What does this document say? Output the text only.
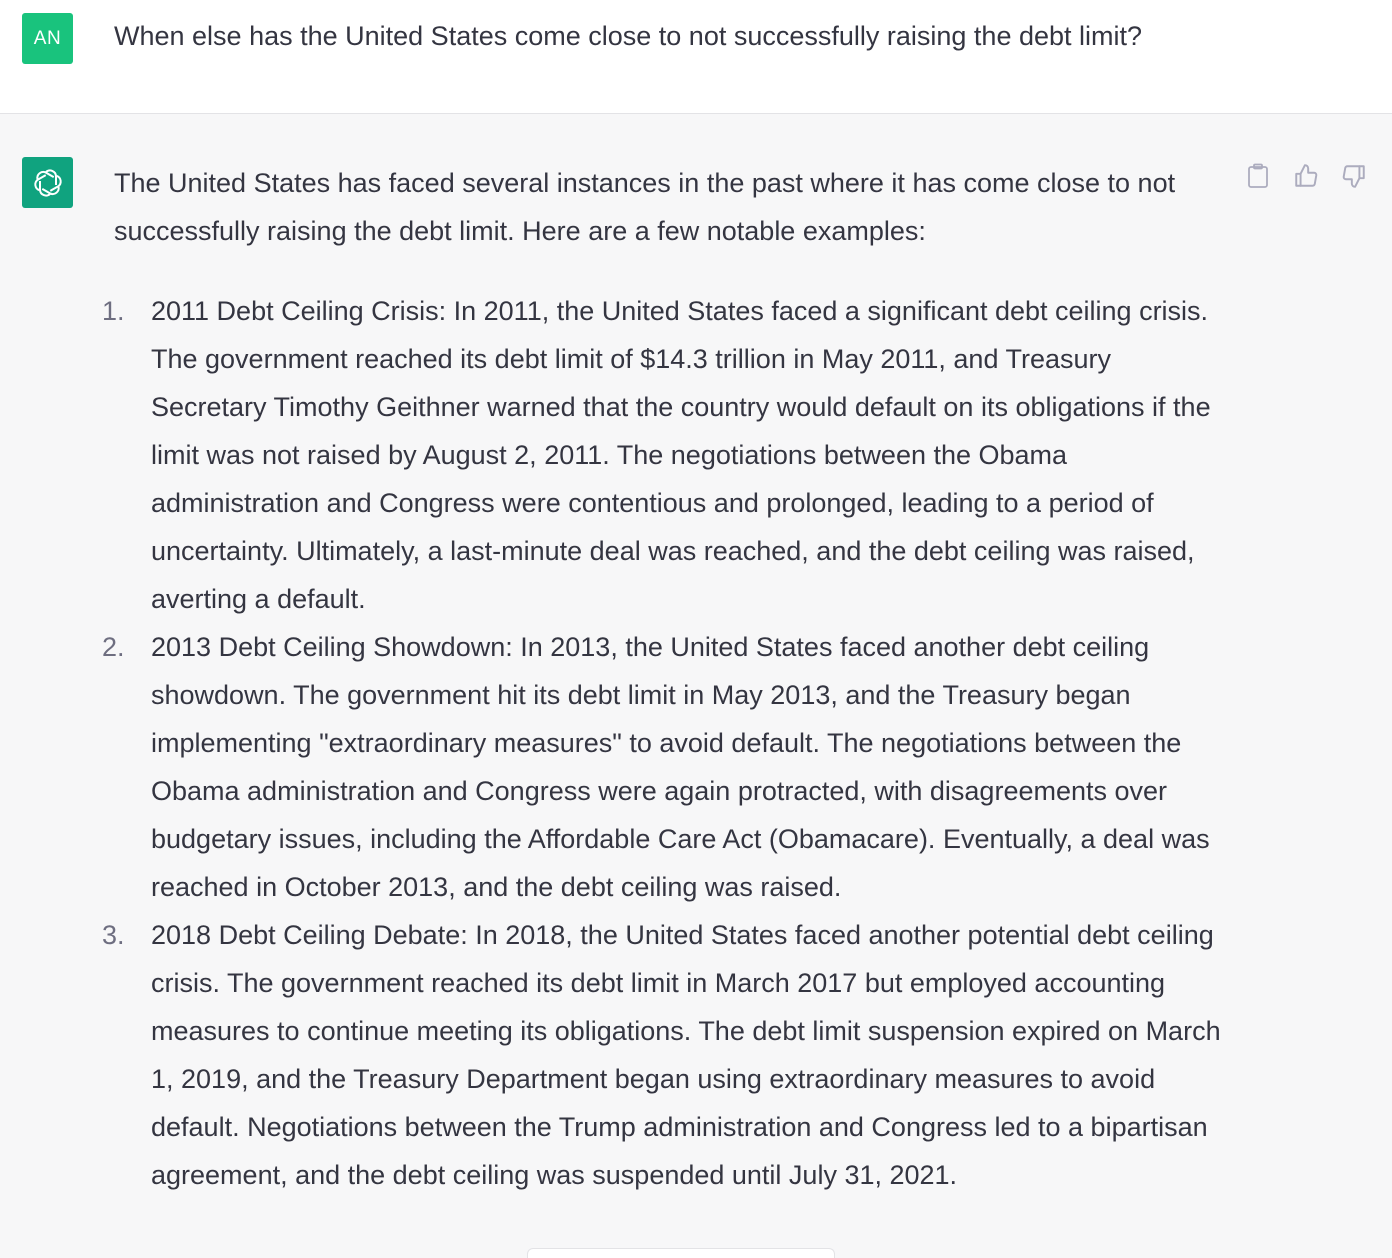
AN When else has the United States come close to not successfully raising the debt limit?

The United States has faced several instances in the past where it has come close to not successfully raising the debt limit. Here are a few notable examples:

1. 2011 Debt Ceiling Crisis: In 2011, the United States faced a significant debt ceiling crisis. The government reached its debt limit of $14.3 trillion in May 2011, and Treasury Secretary Timothy Geithner warned that the country would default on its obligations if the limit was not raised by August 2, 2011. The negotiations between the Obama administration and Congress were contentious and prolonged, leading to a period of uncertainty. Ultimately, a last-minute deal was reached, and the debt ceiling was raised, averting a default.
2. 2013 Debt Ceiling Showdown: In 2013, the United States faced another debt ceiling showdown. The government hit its debt limit in May 2013, and the Treasury began implementing "extraordinary measures" to avoid default. The negotiations between the Obama administration and Congress were again protracted, with disagreements over budgetary issues, including the Affordable Care Act (Obamacare). Eventually, a deal was reached in October 2013, and the debt ceiling was raised.
3. 2018 Debt Ceiling Debate: In 2018, the United States faced another potential debt ceiling crisis. The government reached its debt limit in March 2017 but employed accounting measures to continue meeting its obligations. The debt limit suspension expired on March 1, 2019, and the Treasury Department began using extraordinary measures to avoid default. Negotiations between the Trump administration and Congress led to a bipartisan agreement, and the debt ceiling was suspended until July 31, 2021.
